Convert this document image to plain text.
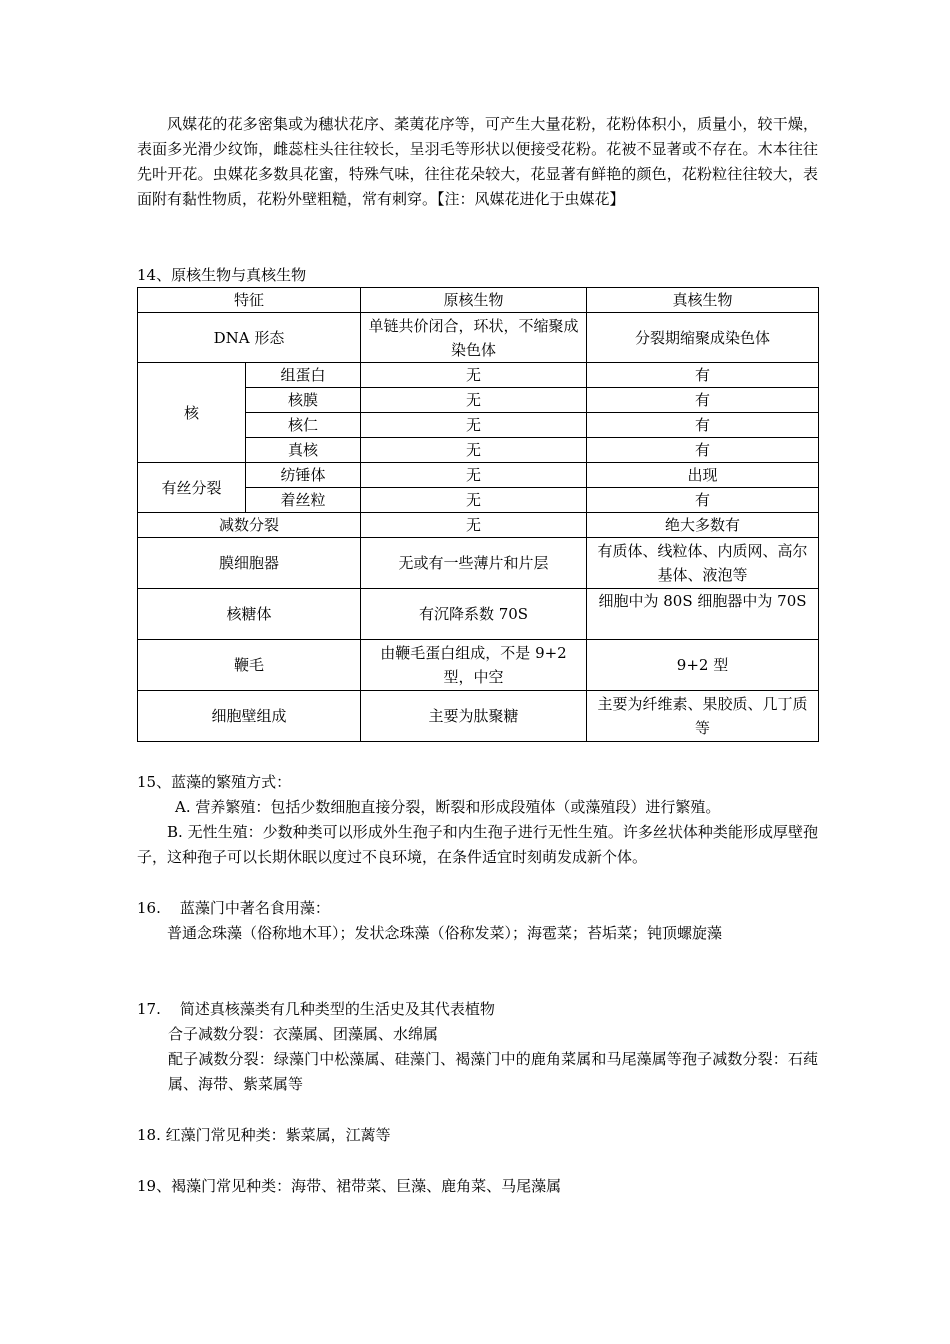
风媒花的花多密集或为穗状花序、葇荑花序等，可产生大量花粉，花粉体积小，质量小，较干燥，表面多光滑少纹饰，雌蕊柱头往往较长，呈羽毛等形状以便接受花粉。花被不显著或不存在。木本往往先叶开花。虫媒花多数具花蜜，特殊气味，往往花朵较大，花显著有鲜艳的颜色，花粉粒往往较大，表面附有黏性物质，花粉外壁粗糙，常有刺穿。【注：风媒花进化于虫媒花】

14、原核生物与真核生物

特征		原核生物	真核生物
DNA 形态		单链共价闭合，环状，不缩聚成染色体	分裂期缩聚成染色体
核	组蛋白	无	有
	核膜	无	有
	核仁	无	有
	真核	无	有
有丝分裂	纺锤体	无	出现
	着丝粒	无	有
减数分裂		无	绝大多数有
膜细胞器		无或有一些薄片和片层	有质体、线粒体、内质网、高尔基体、液泡等
核糖体		有沉降系数 70S	细胞中为 80S 细胞器中为 70S
鞭毛		由鞭毛蛋白组成，不是 9+2 型，中空	9+2 型
细胞壁组成		主要为肽聚糖	主要为纤维素、果胶质、几丁质等

15、蓝藻的繁殖方式：

A. 营养繁殖：包括少数细胞直接分裂，断裂和形成段殖体（或藻殖段）进行繁殖。

B. 无性生殖：少数种类可以形成外生孢子和内生孢子进行无性生殖。许多丝状体种类能形成厚壁孢子，这种孢子可以长期休眠以度过不良环境，在条件适宜时刻萌发成新个体。

16.    蓝藻门中著名食用藻：

普通念珠藻（俗称地木耳）；发状念珠藻（俗称发菜）；海雹菜；苔垢菜；钝顶螺旋藻

17.    简述真核藻类有几种类型的生活史及其代表植物

合子减数分裂：衣藻属、团藻属、水绵属

配子减数分裂：绿藻门中松藻属、硅藻门、褐藻门中的鹿角菜属和马尾藻属等孢子减数分裂：石莼属、海带、紫菜属等

18. 红藻门常见种类：紫菜属，江蓠等

19、褐藻门常见种类：海带、裙带菜、巨藻、鹿角菜、马尾藻属
